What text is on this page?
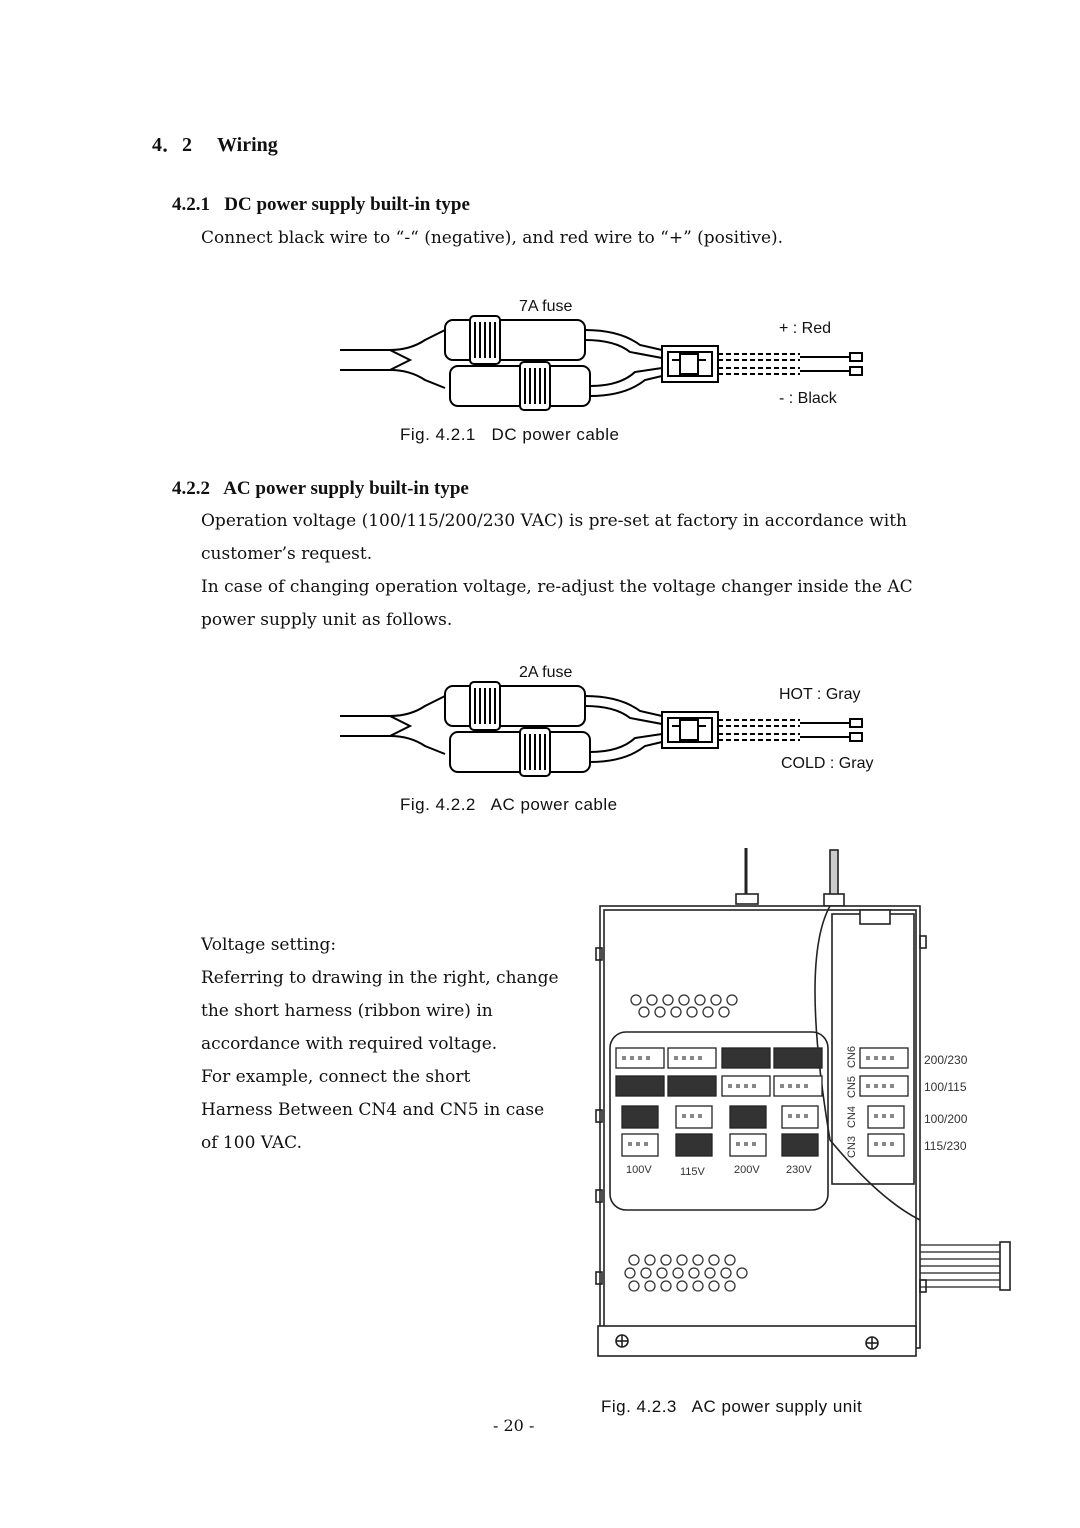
4．2 Wiring
4.2.1   DC power supply built-in type
Connect black wire to “-“ (negative), and red wire to “+” (positive).
7A fuse
+ : Red
- : Black
Fig. 4.2.1   DC power cable
4.2.2   AC power supply built-in type
Operation voltage (100/115/200/230 VAC) is pre-set at factory in accordance with
customer’s request.
In case of changing operation voltage, re-adjust the voltage changer inside the AC
power supply unit as follows.
2A fuse
HOT : Gray
COLD : Gray
Fig. 4.2.2   AC power cable
Voltage setting:
Referring to drawing in the right, change
the short harness (ribbon wire) in
accordance with required voltage.
For example, connect the short
Harness Between CN4 and CN5 in case
of 100 VAC.
CN6
CN5
CN4
CN3
200/230
100/115
100/200
115/230
100V	115V	200V 230V
Fig. 4.2.3   AC power supply unit
- 20 -
